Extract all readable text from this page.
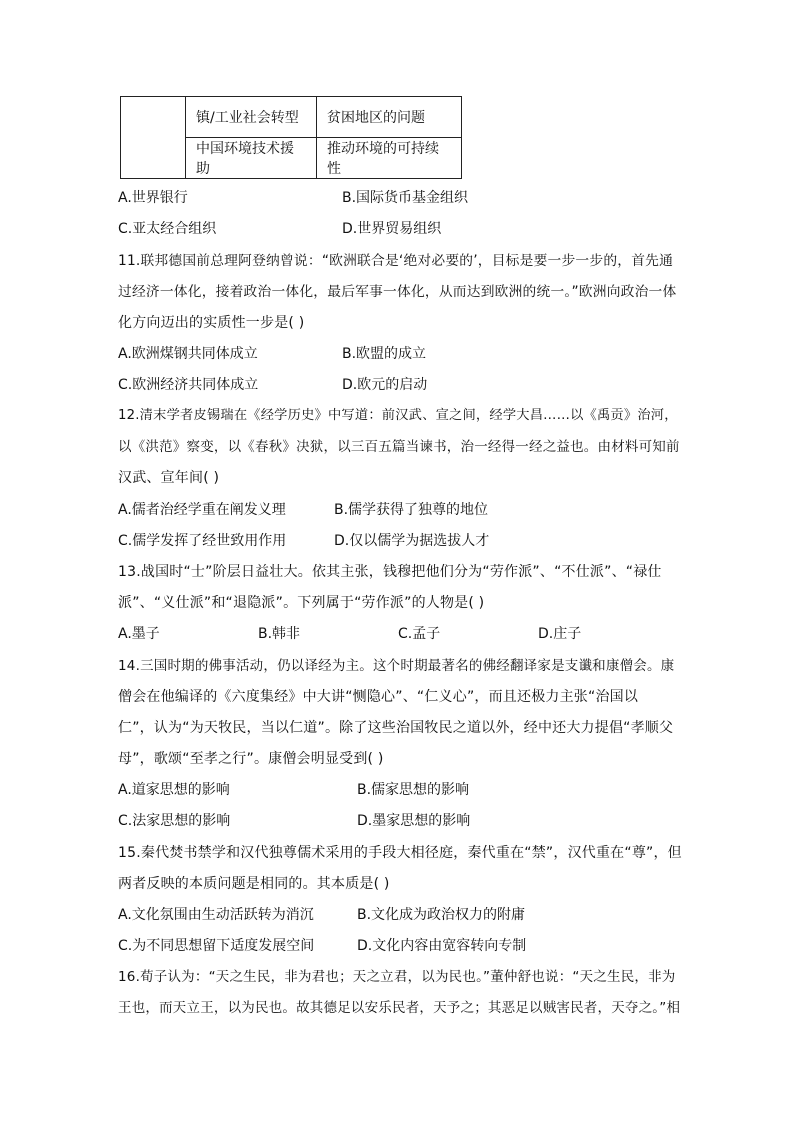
	镇/工业社会转型	贫困地区的问题
	中国环境技术援助	推动环境的可持续性
A.世界银行	B.国际货币基金组织
C.亚太经合组织	D.世界贸易组织
11.联邦德国前总理阿登纳曾说：“欧洲联合是‘绝对必要的’，目标是要一步一步的，首先通
过经济一体化，接着政治一体化，最后军事一体化，从而达到欧洲的统一。”欧洲向政治一体
化方向迈出的实质性一步是( )
A.欧洲煤钢共同体成立	B.欧盟的成立
C.欧洲经济共同体成立	D.欧元的启动
12.清末学者皮锡瑞在《经学历史》中写道：前汉武、宣之间，经学大昌……以《禹贡》治河，
以《洪范》察变，以《春秋》决狱，以三百五篇当谏书，治一经得一经之益也。由材料可知前
汉武、宣年间( )
A.儒者治经学重在阐发义理	B.儒学获得了独尊的地位
C.儒学发挥了经世致用作用	D.仅以儒学为据选拔人才
13.战国时“士”阶层日益壮大。依其主张，钱穆把他们分为“劳作派”、“不仕派”、“禄仕
派”、“义仕派”和“退隐派”。下列属于“劳作派”的人物是( )
A.墨子	B.韩非	C.孟子	D.庄子
14.三国时期的佛事活动，仍以译经为主。这个时期最著名的佛经翻译家是支谶和康僧会。康
僧会在他编译的《六度集经》中大讲“恻隐心”、“仁义心”，而且还极力主张“治国以
仁”，认为“为天牧民，当以仁道”。除了这些治国牧民之道以外，经中还大力提倡“孝顺父
母”，歌颂“至孝之行”。康僧会明显受到( )
A.道家思想的影响	B.儒家思想的影响
C.法家思想的影响	D.墨家思想的影响
15.秦代焚书禁学和汉代独尊儒术采用的手段大相径庭，秦代重在“禁”，汉代重在“尊”，但
两者反映的本质问题是相同的。其本质是( )
A.文化氛围由生动活跃转为消沉	B.文化成为政治权力的附庸
C.为不同思想留下适度发展空间	D.文化内容由宽容转向专制
16.荀子认为：“天之生民，非为君也；天之立君，以为民也。”董仲舒也说：“天之生民，非为
王也，而天立王，以为民也。故其德足以安乐民者，天予之；其恶足以贼害民者，天夺之。”相
